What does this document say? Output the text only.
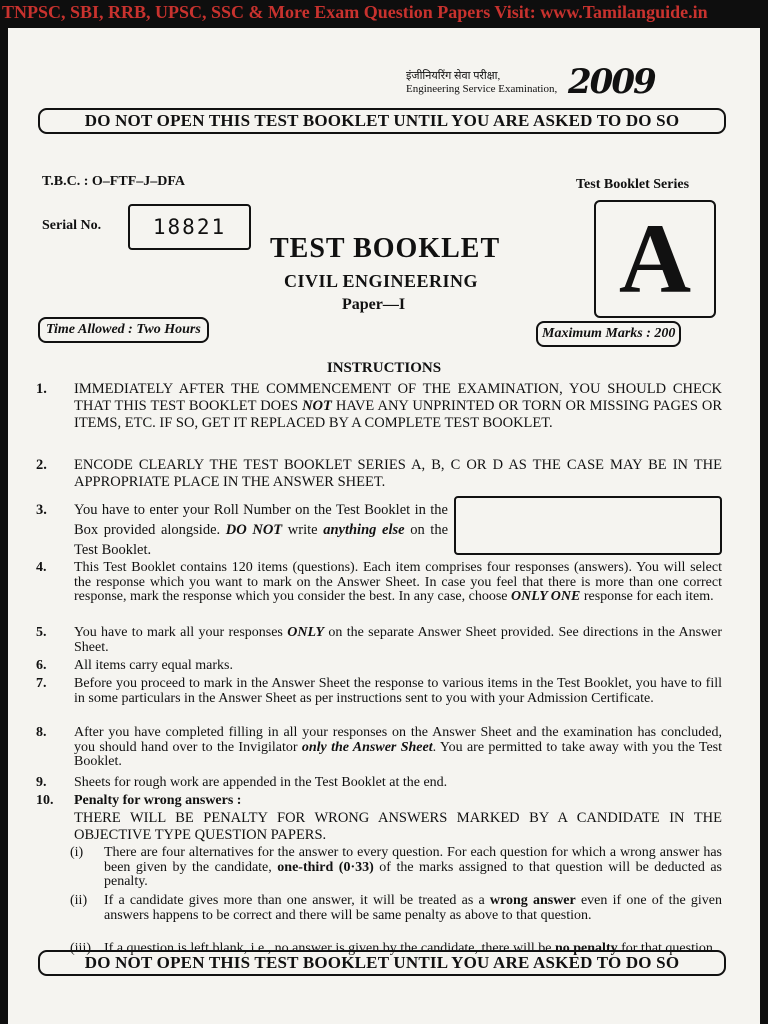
TNPSC, SBI, RRB, UPSC, SSC & More Exam Question Papers Visit: www.Tamilanguide.in
इंजीनियरिंग सेवा परीक्षा,
Engineering Service Examination, 2009
DO NOT OPEN THIS TEST BOOKLET UNTIL YOU ARE ASKED TO DO SO
T.B.C. : O–FTF–J–DFA	Test Booklet Series
Serial No.	18821
TEST BOOKLET
CIVIL ENGINEERING
Paper—I A
Time Allowed : Two Hours	Maximum Marks : 200
INSTRUCTIONS
1. IMMEDIATELY AFTER THE COMMENCEMENT OF THE EXAMINATION, YOU SHOULD CHECK THAT THIS TEST BOOKLET DOES NOT HAVE ANY UNPRINTED OR TORN OR MISSING PAGES OR ITEMS, ETC. IF SO, GET IT REPLACED BY A COMPLETE TEST BOOKLET.
2. ENCODE CLEARLY THE TEST BOOKLET SERIES A, B, C OR D AS THE CASE MAY BE IN THE APPROPRIATE PLACE IN THE ANSWER SHEET.
3. You have to enter your Roll Number on the Test Booklet in the Box provided alongside. DO NOT write anything else on the Test Booklet.
4. This Test Booklet contains 120 items (questions). Each item comprises four responses (answers). You will select the response which you want to mark on the Answer Sheet. In case you feel that there is more than one correct response, mark the response which you consider the best. In any case, choose ONLY ONE response for each item.
5. You have to mark all your responses ONLY on the separate Answer Sheet provided. See directions in the Answer Sheet.
6. All items carry equal marks.
7. Before you proceed to mark in the Answer Sheet the response to various items in the Test Booklet, you have to fill in some particulars in the Answer Sheet as per instructions sent to you with your Admission Certificate.
8. After you have completed filling in all your responses on the Answer Sheet and the examination has concluded, you should hand over to the Invigilator only the Answer Sheet. You are permitted to take away with you the Test Booklet.
9. Sheets for rough work are appended in the Test Booklet at the end.
10. Penalty for wrong answers :
THERE WILL BE PENALTY FOR WRONG ANSWERS MARKED BY A CANDIDATE IN THE OBJECTIVE TYPE QUESTION PAPERS.
(i) There are four alternatives for the answer to every question. For each question for which a wrong answer has been given by the candidate, one-third (0·33) of the marks assigned to that question will be deducted as penalty.
(ii) If a candidate gives more than one answer, it will be treated as a wrong answer even if one of the given answers happens to be correct and there will be same penalty as above to that question.
(iii) If a question is left blank, i.e., no answer is given by the candidate, there will be no penalty for that question.
DO NOT OPEN THIS TEST BOOKLET UNTIL YOU ARE ASKED TO DO SO
